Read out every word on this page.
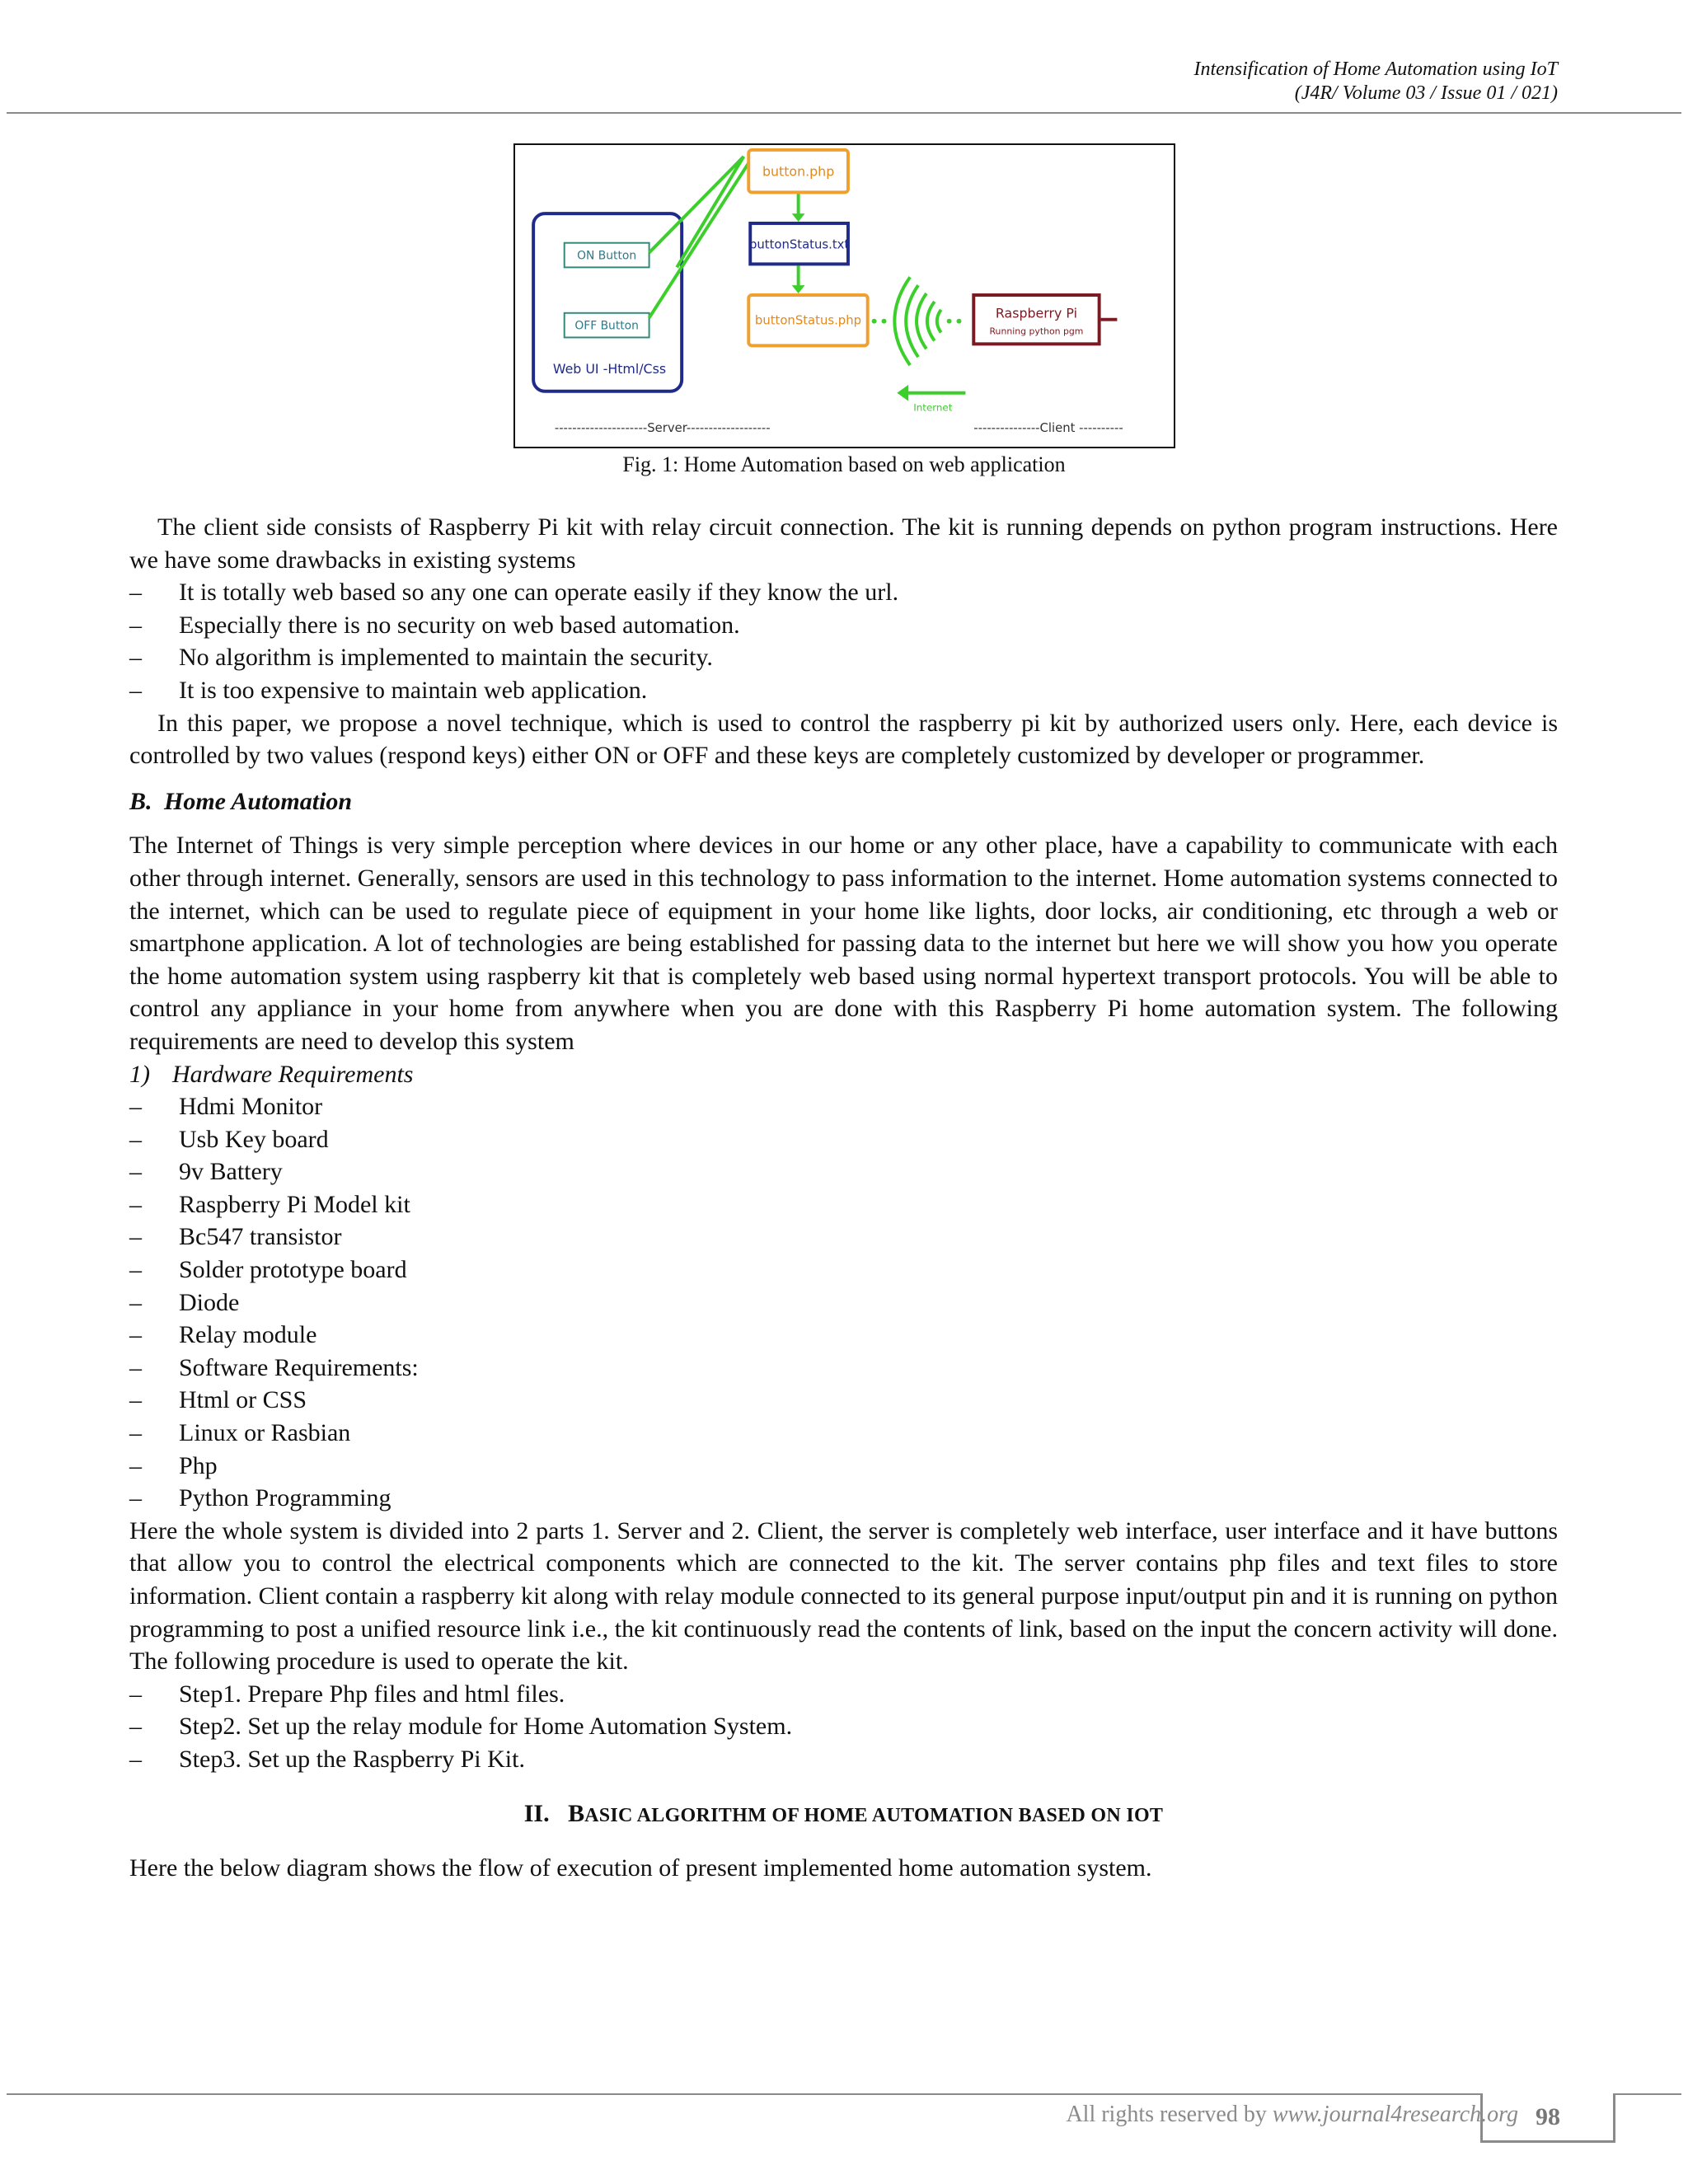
Intensification of Home Automation using IoT
(J4R/ Volume 03 / Issue 01 / 021)
ON Button
OFF Button
Web UI -Html/Css
button.php
buttonStatus.txt
buttonStatus.php	Raspberry Pi
Running python pgm
Internet
---------------------Server-------------------	---------------Client ----------
Fig. 1: Home Automation based on web application

The client side consists of Raspberry Pi kit with relay circuit connection. The kit is running depends on python program instructions. Here we have some drawbacks in existing systems

– It is totally web based so any one can operate easily if they know the url.

– Especially there is no security on web based automation.

– No algorithm is implemented to maintain the security.

– It is too expensive to maintain web application.

In this paper, we propose a novel technique, which is used to control the raspberry pi kit by authorized users only. Here, each device is controlled by two values (respond keys) either ON or OFF and these keys are completely customized by developer or programmer.

B. Home Automation

The Internet of Things is very simple perception where devices in our home or any other place, have a capability to communicate with each other through internet. Generally, sensors are used in this technology to pass information to the internet. Home automation systems connected to the internet, which can be used to regulate piece of equipment in your home like lights, door locks, air conditioning, etc through a web or smartphone application. A lot of technologies are being established for passing data to the internet but here we will show you how you operate the home automation system using raspberry kit that is completely web based using normal hypertext transport protocols. You will be able to control any appliance in your home from anywhere when you are done with this Raspberry Pi home automation system. The following requirements are need to develop this system

1) Hardware Requirements

– Hdmi Monitor

– Usb Key board

– 9v Battery

– Raspberry Pi Model kit

– Bc547 transistor

– Solder prototype board

– Diode

– Relay module

– Software Requirements:

– Html or CSS

– Linux or Rasbian

– Php

– Python Programming

Here the whole system is divided into 2 parts 1. Server and 2. Client, the server is completely web interface, user interface and it have buttons that allow you to control the electrical components which are connected to the kit. The server contains php files and text files to store information. Client contain a raspberry kit along with relay module connected to its general purpose input/output pin and it is running on python programming to post a unified resource link i.e., the kit continuously read the contents of link, based on the input the concern activity will done. The following procedure is used to operate the kit.

– Step1. Prepare Php files and html files.

– Step2. Set up the relay module for Home Automation System.

– Step3. Set up the Raspberry Pi Kit.

II. BASIC ALGORITHM OF HOME AUTOMATION BASED ON IOT

Here the below diagram shows the flow of execution of present implemented home automation system.

All rights reserved by www.journal4research.org 98
